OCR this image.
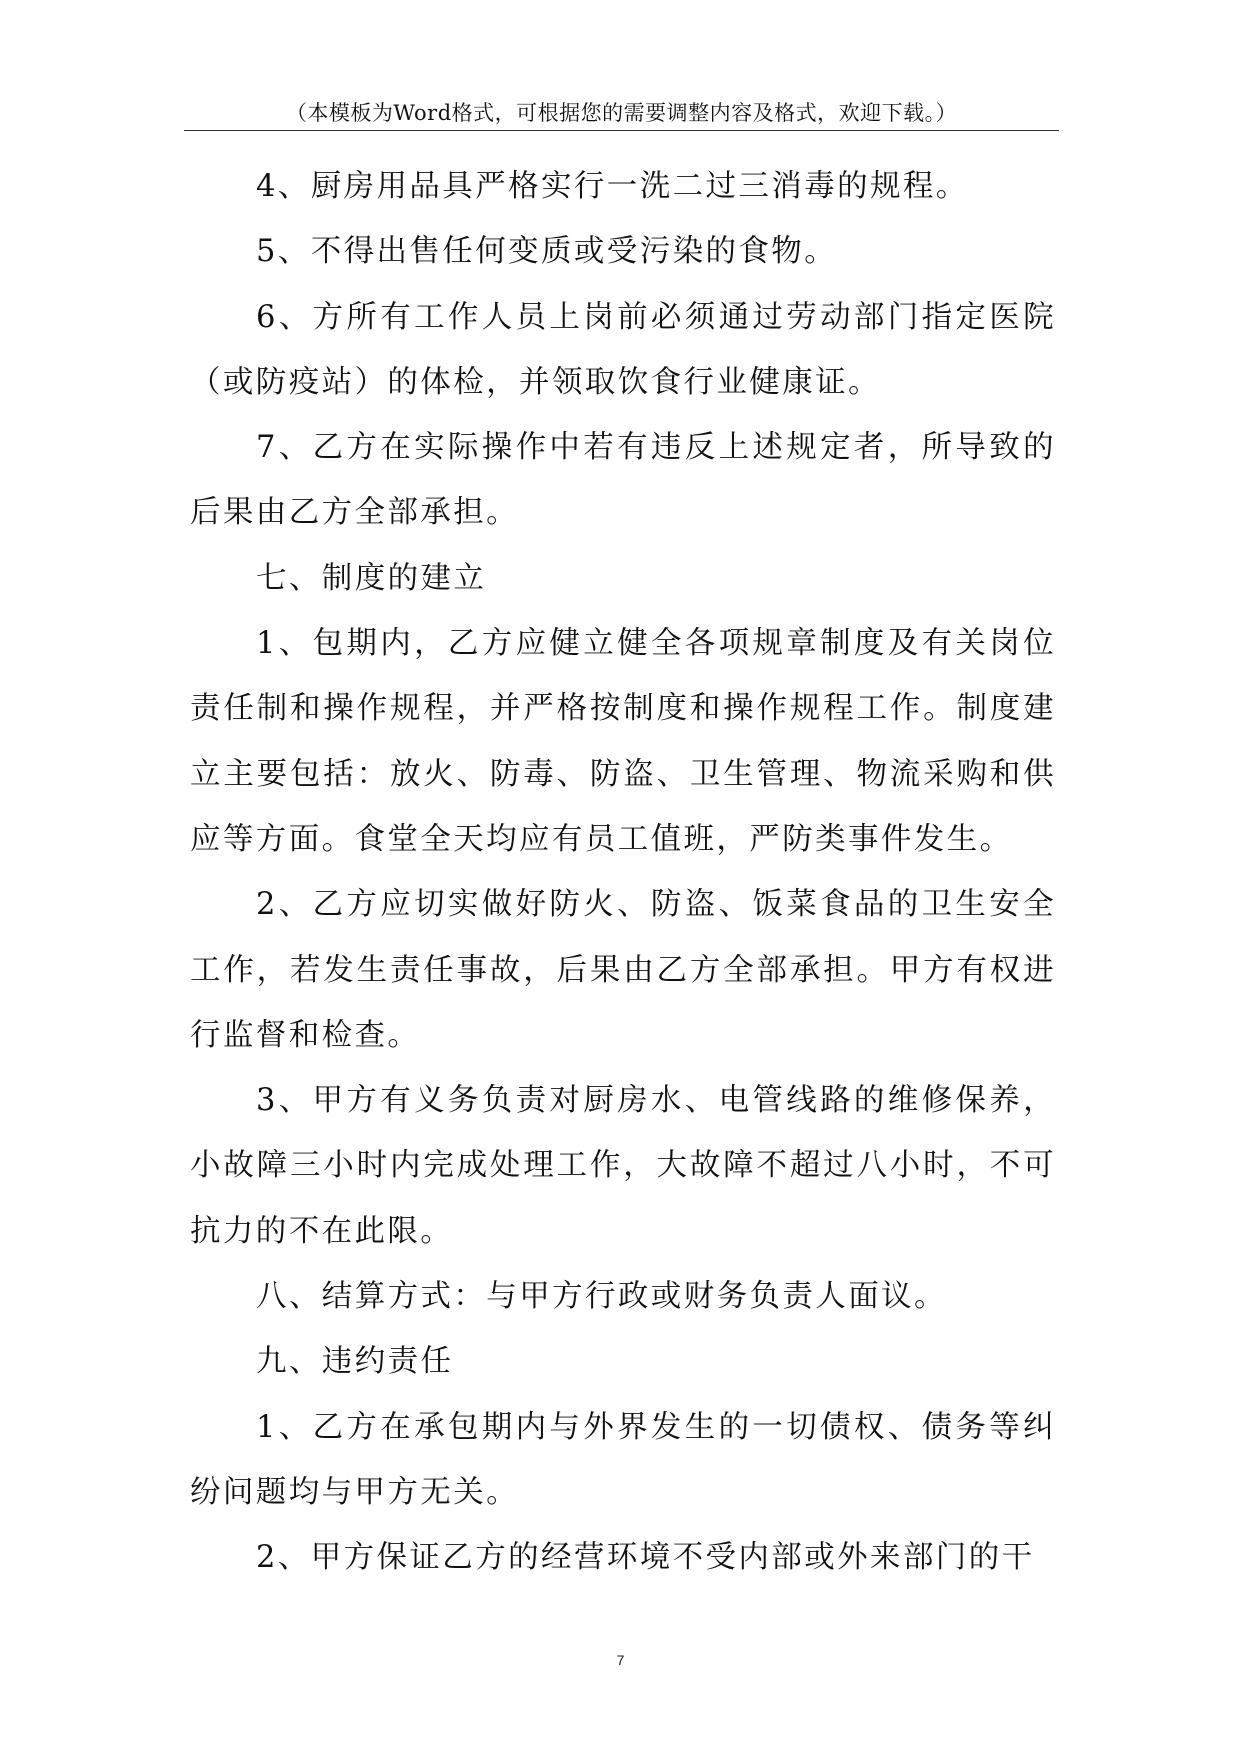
（本模板为Word格式，可根据您的需要调整内容及格式，欢迎下载。）

4、厨房用品具严格实行一洗二过三消毒的规程。

5、不得出售任何变质或受污染的食物。

6、方所有工作人员上岗前必须通过劳动部门指定医院（或防疫站）的体检，并领取饮食行业健康证。

7、乙方在实际操作中若有违反上述规定者，所导致的后果由乙方全部承担。

七、制度的建立

1、包期内，乙方应健立健全各项规章制度及有关岗位责任制和操作规程，并严格按制度和操作规程工作。制度建立主要包括：放火、防毒、防盗、卫生管理、物流采购和供应等方面。食堂全天均应有员工值班，严防类事件发生。

2、乙方应切实做好防火、防盗、饭菜食品的卫生安全工作，若发生责任事故，后果由乙方全部承担。甲方有权进行监督和检查。

3、甲方有义务负责对厨房水、电管线路的维修保养，小故障三小时内完成处理工作，大故障不超过八小时，不可抗力的不在此限。

八、结算方式：与甲方行政或财务负责人面议。

九、违约责任

1、乙方在承包期内与外界发生的一切债权、债务等纠纷问题均与甲方无关。

2、甲方保证乙方的经营环境不受内部或外来部门的干

7
